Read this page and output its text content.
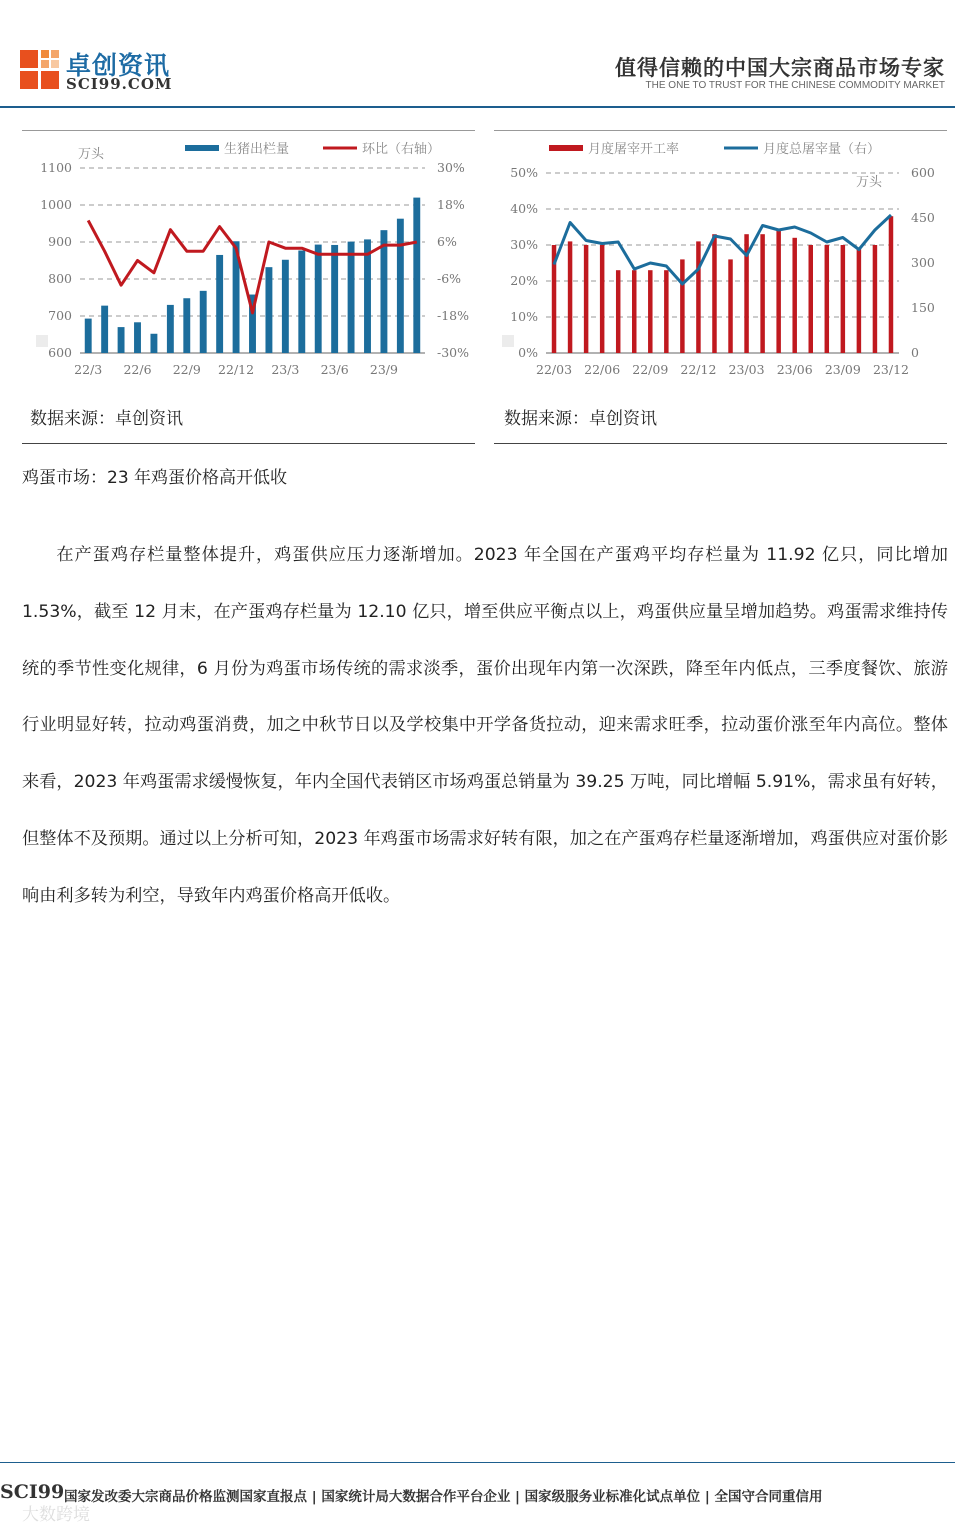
卓创资讯
SCI99.COM
值得信赖的中国大宗商品市场专家
THE ONE TO TRUST FOR THE CHINESE COMMODITY MARKET
600
700
800
900
1000
1100
-30%
-18%
-6%
6%
18%
30%
万头
22/3 22/6 22/9 22/12 23/3 23/6 23/9
生猪出栏量	环比（右轴）
数据来源：卓创资讯
0%
10%
20%
30%
40%
50%
0
150
300
450
600
万头
22/03 22/06 22/09 22/12 23/03 23/06 23/09 23/12
月度屠宰开工率	月度总屠宰量（右）
数据来源：卓创资讯
鸡蛋市场：23 年鸡蛋价格高开低收

在产蛋鸡存栏量整体提升，鸡蛋供应压力逐渐增加。2023 年全国在产蛋鸡平均存栏量为 11.92 亿只，同比增加 1.53%，截至 12 月末，在产蛋鸡存栏量为 12.10 亿只，增至供应平衡点以上，鸡蛋供应量呈增加趋势。鸡蛋需求维持传统的季节性变化规律，6 月份为鸡蛋市场传统的需求淡季，蛋价出现年内第一次深跌，降至年内低点，三季度餐饮、旅游行业明显好转，拉动鸡蛋消费，加之中秋节日以及学校集中开学备货拉动，迎来需求旺季，拉动蛋价涨至年内高位。整体来看，2023 年鸡蛋需求缓慢恢复，年内全国代表销区市场鸡蛋总销量为 39.25 万吨，同比增幅 5.91%，需求虽有好转，但整体不及预期。通过以上分析可知，2023 年鸡蛋市场需求好转有限，加之在产蛋鸡存栏量逐渐增加，鸡蛋供应对蛋价影响由利多转为利空，导致年内鸡蛋价格高开低收。

SCI99 国家发改委大宗商品价格监测国家直报点 | 国家统计局大数据合作平台企业 | 国家级服务业标准化试点单位 | 全国守合同重信用
大数跨境
